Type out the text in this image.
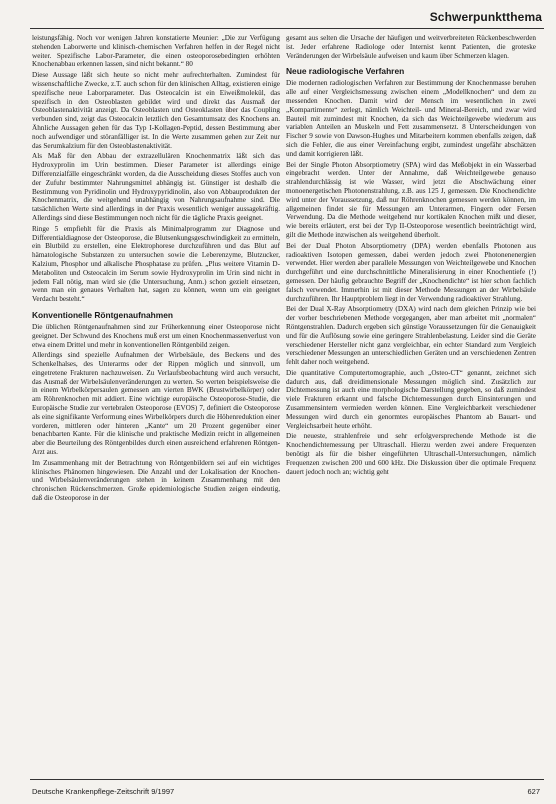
Schwerpunktthema

leistungsfähig. Noch vor wenigen Jahren konstatierte Meunier: „Die zur Verfügung stehenden Laborwerte und klinisch-chemischen Verfahren helfen in der Regel nicht weiter. Spezifische Labor-Parameter, die einen osteoporosebedingten erhöhten Knochenabbau erkennen lassen, sind nicht bekannt.“ 80

Diese Aussage läßt sich heute so nicht mehr aufrechterhalten. Zumindest für wissenschaftliche Zwecke, z.T. auch schon für den klinischen Alltag, existieren einige spezifische neue Laborparameter. Das Osteocalcin ist ein Eiweißmolekül, das spezifisch in den Osteoblasten gebildet wird und direkt das Ausmaß der Osteoblastenaktivität anzeigt. Da Osteoblasten und Osteoklasten über das Coupling verbunden sind, zeigt das Osteocalcin letztlich den Gesamtumsatz des Knochens an. Ähnliche Aussagen gehen für das Typ I-Kollagen-Peptid, dessen Bestimmung aber noch aufwendiger und störanfälliger ist. In die Werte zusammen gehen zur Zeit nur das Serumkalzium für den Osteoblastenaktivität.

Als Maß für den Abbau der extrazellulären Knochenmatrix läßt sich das Hydroxyprolin im Urin bestimmen. Dieser Parameter ist allerdings einige Differenzialfälle eingeschränkt worden, da die Ausscheidung dieses Stoffes auch von der Zufuhr bestimmter Nahrungsmittel abhängig ist. Günstiger ist deshalb die Bestimmung von Pyridinolin und Hydroxypyridinolin, also von Abbauprodukten der Knochenmatrix, die weitgehend unabhängig von Nahrungsaufnahme sind. Die tatsächlichen Werte sind allerdings in der Praxis wesentlich weniger aussagekräftig. Allerdings sind diese Bestimmungen noch nicht für die tägliche Praxis geeignet.

Ringe 5 empfiehlt für die Praxis als Minimalprogramm zur Diagnose und Differentialdiagnose der Osteoporose, die Blutsenkungsgeschwindigkeit zu ermitteln, ein Blutbild zu erstellen, eine Elektrophorese durchzuführen und das Blut auf hämatologische Substanzen zu untersuchen sowie die Leberenzyme, Blutzucker, Kalzium, Phosphor und alkalische Phosphatase zu prüfen. „Plus weitere Vitamin D-Metaboliten und Osteocalcin im Serum sowie Hydroxyprolin im Urin sind nicht in jedem Fall nötig, man wird sie (die Untersuchung, Anm.) schon gezielt einsetzen, wenn man ein genaues Verhalten hat, sagen zu können, wenn um ein geeignet Verdacht besteht.“

Konventionelle Röntgenaufnahmen

Die üblichen Röntgenaufnahmen sind zur Früherkennung einer Osteoporose nicht geeignet. Der Schwund des Knochens muß erst um einen Knochenmassenverlust von etwa einem Drittel und mehr in konventionellen Röntgenbild zeigen.

Allerdings sind spezielle Aufnahmen der Wirbelsäule, des Beckens und des Schenkelhalses, des Unterarms oder der Rippen möglich und sinnvoll, um eingetretene Frakturen nachzuweisen. Zu Verlaufsbeobachtung wird auch versucht, das Ausmaß der Wirbelsäulenveränderungen zu werten. So werten beispielsweise die in einem Wirbelkörpersaulen gemessen am vierten BWK (Brustwirbelkörper) oder am Röhrenknochen mit addiert. Eine wichtige europäische Osteoporose-Studie, die Europäische Studie zur vertebralen Osteoporose (EVOS) 7, definiert die Osteoporose als eine signifikante Verformung eines Wirbelkörpers durch die Höhenreduktion einer vorderen, mittleren oder hinteren „Kante“ um 20 Prozent gegenüber einer benachbarten Kante. Für die klinische und praktische Medizin reicht in allgemeinen aber die Beurteilung des Röntgenbildes durch einen ausreichend erfahrenen Röntgen-Arzt aus.

Im Zusammenhang mit der Betrachtung von Röntgenbildern sei auf ein wichtiges klinisches Phänomen hingewiesen. Die Anzahl und der Lokalisation der Knochen- und Wirbelsäulenveränderungen stehen in keinem Zusammenhang mit den chronischen Rückenschmerzen. Große epidemiologische Studien zeigen eindeutig, daß die Osteoporose in der

gesamt aus selten die Ursache der häufigen und weitverbreiteten Rückenbeschwerden ist. Jeder erfahrene Radiologe oder Internist kennt Patienten, die groteske Veränderungen der Wirbelsäule aufweisen und kaum über Schmerzen klagen.

Neue radiologische Verfahren

Die modernen radiologischen Verfahren zur Bestimmung der Knochenmasse beruhen alle auf einer Vergleichsmessung zwischen einem „Modellknochen“ und dem zu messenden Knochen. Damit wird der Mensch im wesentlichen in zwei „Kompartimente“ zerlegt, nämlich Weichteil- und Mineral-Bereich, und zwar wird Bauteil mit zumindest mit Knochen, da sich das Weichteilgewebe wiederum aus variablen Anteilen an Muskeln und Fett zusammensetzt. 8 Unterscheidungen von Fischer 9 sowie von Dawson-Hughes und Mitarbeitern kommen ebenfalls zeigen, daß sich die Fehler, die aus einer Vereinfachung ergibt, zumindest ungefähr abschätzen und damit korrigieren läßt.

Bei der Single Photon Absorptiometry (SPA) wird das Meßobjekt in ein Wasserbad eingebracht werden. Unter der Annahme, daß Weichteilgewebe genauso strahlendurchlässig ist wie Wasser, wird jetzt die Abschwächung einer monoenergetischen Photonenstrahlung, z.B. aus 125 J, gemessen. Die Knochendichte wird unter der Voraussetzung, daß nur Röhrenknochen gemessen werden können, im allgemeinen findet sie für Messungen am Unterarmen, Fingern oder Fersen Verwendung. Da die Methode weitgehend nur kortikalen Knochen mißt und dieser, wie bereits erläutert, erst bei der Typ II-Osteoporose wesentlich beeinträchtigt wird, gilt die Methode inzwischen als weitgehend überholt.

Bei der Dual Photon Absorptiometry (DPA) werden ebenfalls Photonen aus radioaktiven Isotopen gemessen, dabei werden jedoch zwei Photonenenergien verwendet. Hier werden aber parallele Messungen von Weichteilgewebe und Knochen durchgeführt und eine durchschnittliche Mineralisierung in einer Knochentiefe (!) gemessen. Der häufig gebrauchte Begriff der „Knochendichte“ ist hier schon fachlich falsch verwendet. Immerhin ist mit dieser Methode Messungen an der Wirbelsäule durchzuführen. Ihr Hauptproblem liegt in der Verwendung radioaktiver Strahlung.

Bei der Dual X-Ray Absorptiometry (DXA) wird nach dem gleichen Prinzip wie bei der vorher beschriebenen Methode vorgegangen, aber man arbeitet mit „normalen“ Röntgenstrahlen. Dadurch ergeben sich günstige Voraussetzungen für die Genauigkeit und für die Auflösung sowie eine geringere Strahlenbelastung. Leider sind die Geräte verschiedener Hersteller nicht ganz vergleichbar, ein echter Standard zum Vergleich verschiedener Messungen an unterschiedlichen Geräten und an verschiedenen Zentren fehlt daher noch weitgehend.

Die quantitative Computertomographie, auch „Osteo-CT“ genannt, zeichnet sich dadurch aus, daß dreidimensionale Messungen möglich sind. Zusätzlich zur Dichtemessung ist auch eine morphologische Darstellung gegeben, so daß zumindest viele Frakturen erkannt und falsche Dichtemessungen durch Einsinterungen und Zusammensintern vermieden werden können. Eine Vergleichbarkeit verschiedener Messungen wird durch ein genormtes europäisches Phantom ab Bauart- und Vergleichsarbeit heute erhöht.

Die neueste, strahlenfreie und sehr erfolgversprechende Methode ist die Knochendichtemessung per Ultraschall. Hierzu werden zwei andere Frequenzen benötigt als für die bisher eingeführten Ultraschall-Untersuchungen, nämlich Frequenzen zwischen 200 und 600 kHz. Die Diskussion über die optimale Frequenz dauert jedoch noch an; wichtig geht

Deutsche Krankenpflege-Zeitschrift 9/1997	627
